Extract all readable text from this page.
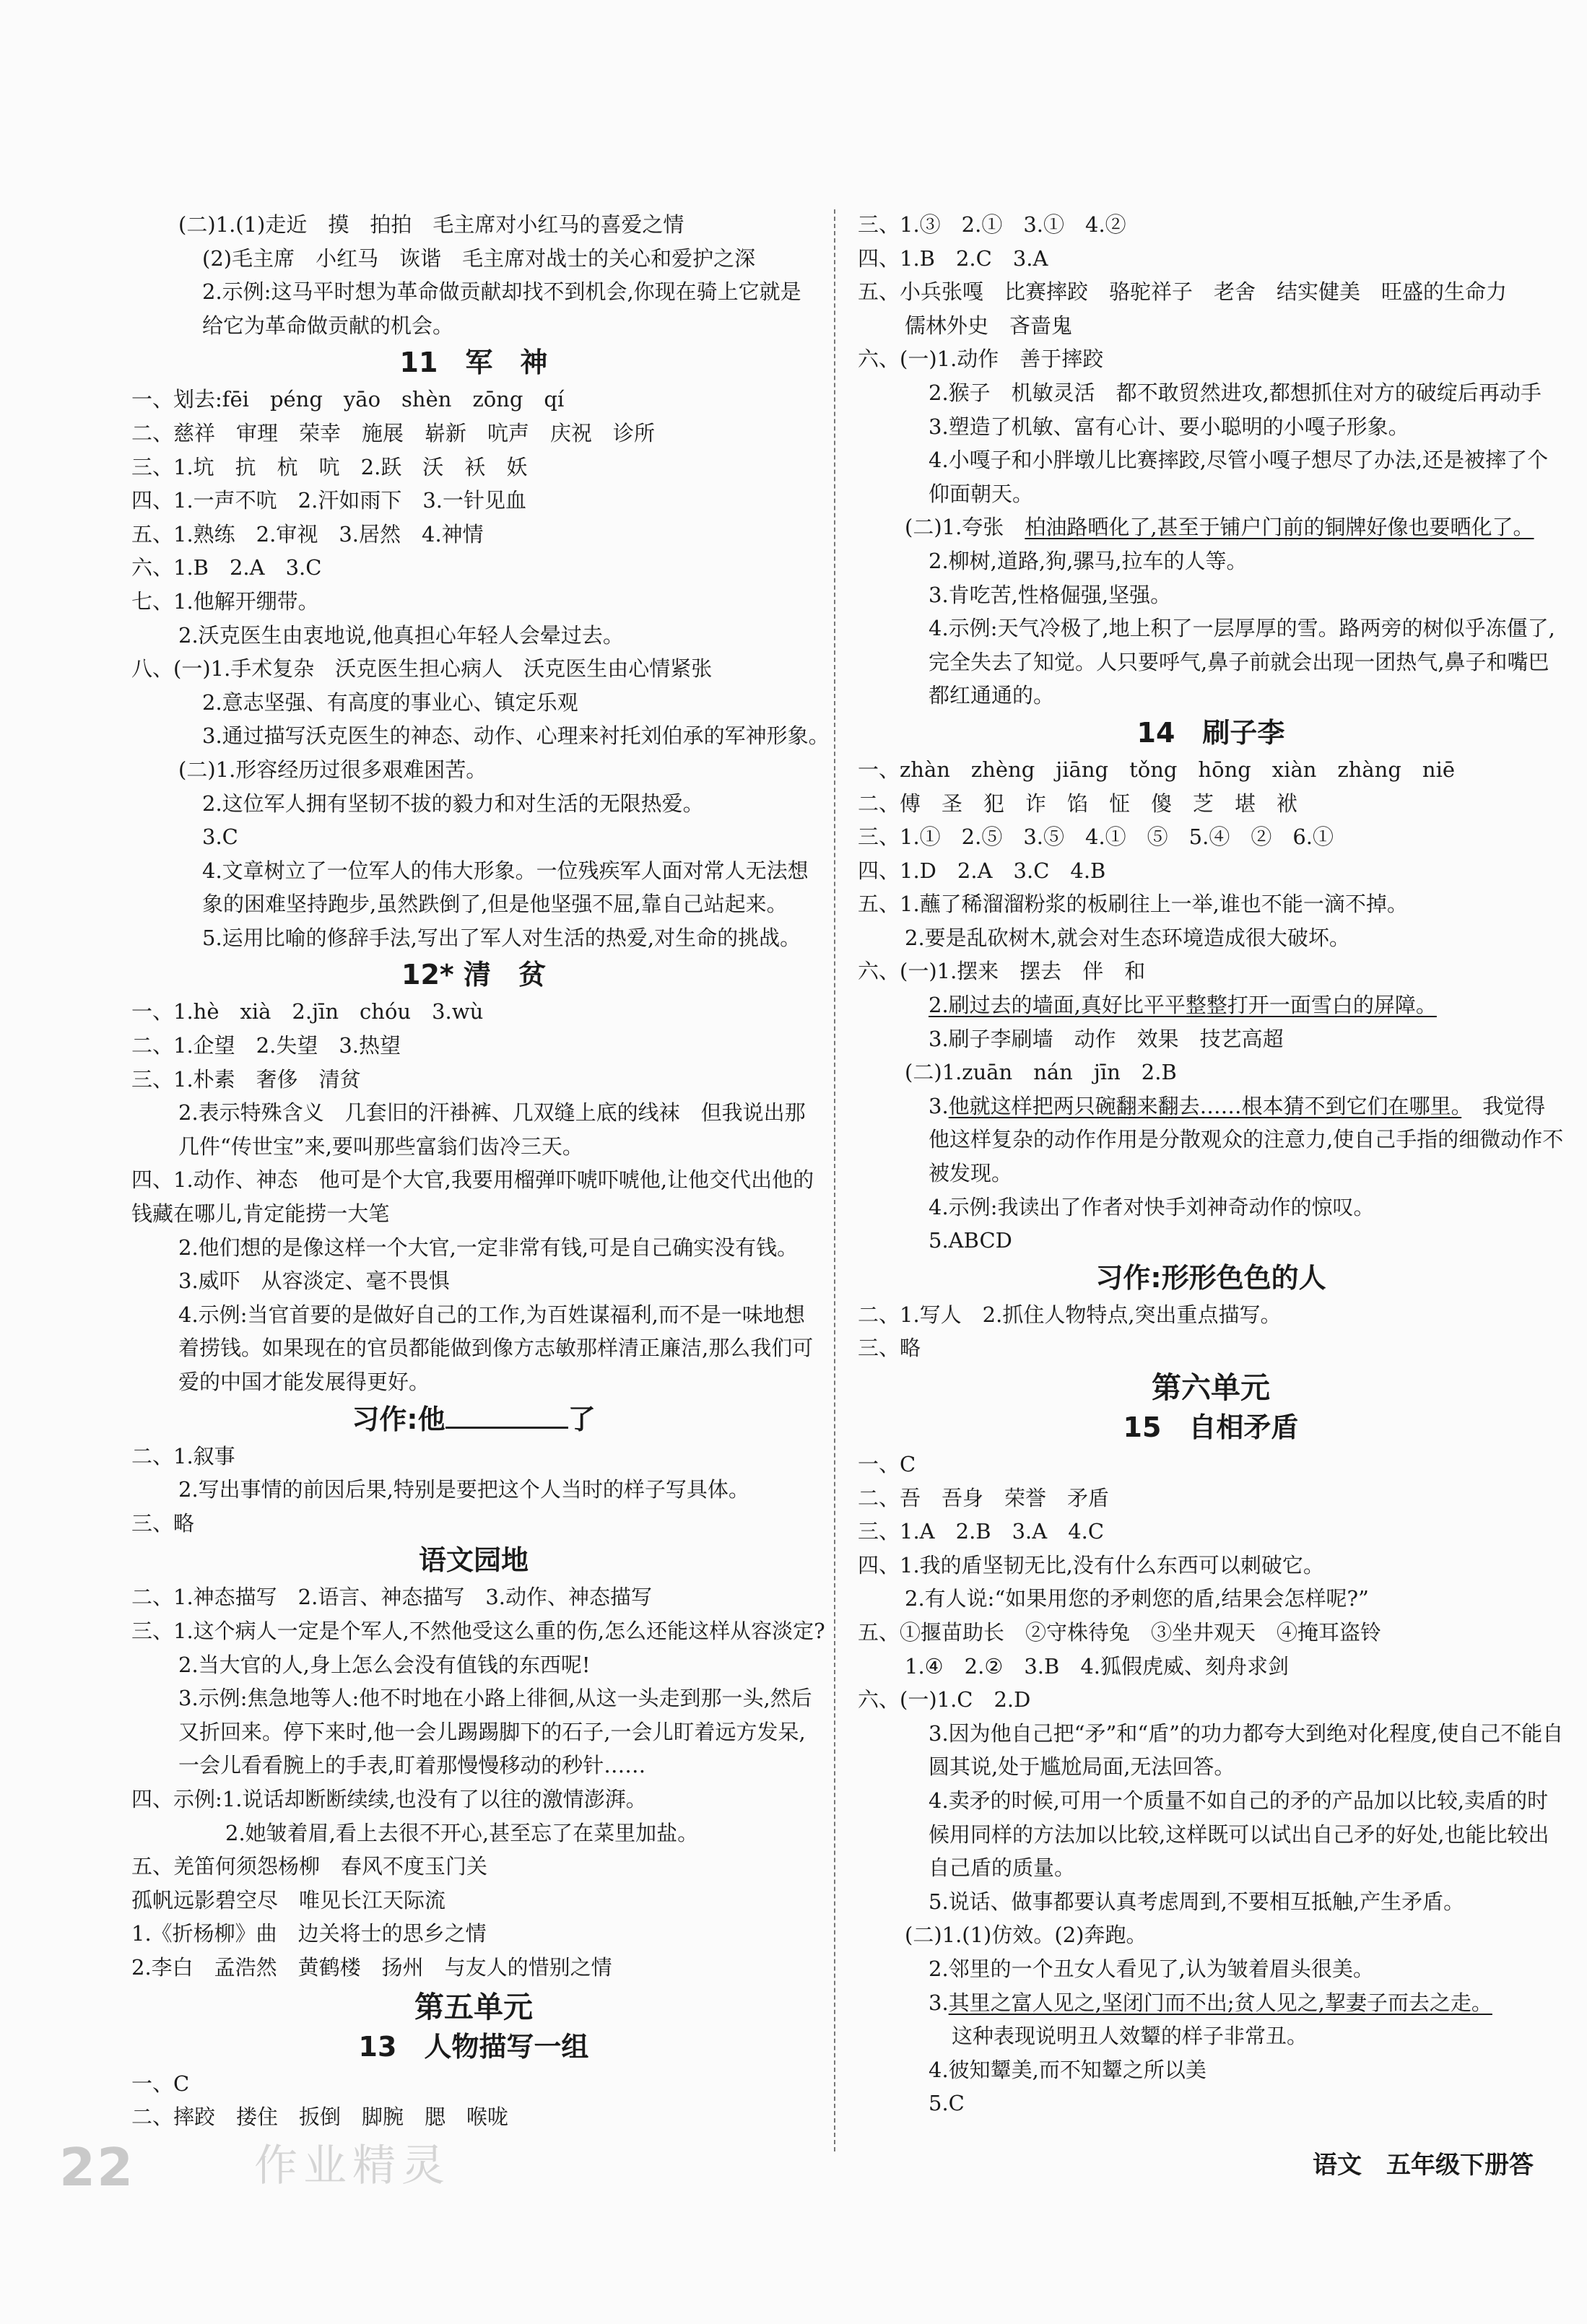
(二)1.(1)走近　摸　拍拍　毛主席对小红马的喜爱之情
(2)毛主席　小红马　诙谐　毛主席对战士的关心和爱护之深
2.示例:这马平时想为革命做贡献却找不到机会,你现在骑上它就是给它为革命做贡献的机会。
11　军　神
一、划去:fēi　péng　yāo　shèn　zōng　qí
二、慈祥　审理　荣幸　施展　崭新　吭声　庆祝　诊所
三、1.坑　抗　杭　吭　2.跃　沃　袄　妖
四、1.一声不吭　2.汗如雨下　3.一针见血
五、1.熟练　2.审视　3.居然　4.神情
六、1.B　2.A　3.C
七、1.他解开绷带。
2.沃克医生由衷地说,他真担心年轻人会晕过去。
八、(一)1.手术复杂　沃克医生担心病人　沃克医生由心情紧张
2.意志坚强、有高度的事业心、镇定乐观
3.通过描写沃克医生的神态、动作、心理来衬托刘伯承的军神形象。
(二)1.形容经历过很多艰难困苦。
2.这位军人拥有坚韧不拔的毅力和对生活的无限热爱。
3.C
4.文章树立了一位军人的伟大形象。一位残疾军人面对常人无法想象的困难坚持跑步,虽然跌倒了,但是他坚强不屈,靠自己站起来。
5.运用比喻的修辞手法,写出了军人对生活的热爱,对生命的挑战。
12* 清　贫
一、1.hè　xià　2.jīn　chóu　3.wù
二、1.企望　2.失望　3.热望
三、1.朴素　奢侈　清贫
2.表示特殊含义　几套旧的汗褂裤、几双缝上底的线袜　但我说出那几件“传世宝”来,要叫那些富翁们齿冷三天。
四、1.动作、神态　他可是个大官,我要用榴弹吓唬吓唬他,让他交代出他的钱藏在哪儿,肯定能捞一大笔
2.他们想的是像这样一个大官,一定非常有钱,可是自己确实没有钱。
3.威吓　从容淡定、毫不畏惧
4.示例:当官首要的是做好自己的工作,为百姓谋福利,而不是一味地想着捞钱。如果现在的官员都能做到像方志敏那样清正廉洁,那么我们可爱的中国才能发展得更好。
习作:他	了
二、1.叙事
2.写出事情的前因后果,特别是要把这个人当时的样子写具体。
三、略
语文园地
二、1.神态描写　2.语言、神态描写　3.动作、神态描写
三、1.这个病人一定是个军人,不然他受这么重的伤,怎么还能这样从容淡定?
2.当大官的人,身上怎么会没有值钱的东西呢!
3.示例:焦急地等人:他不时地在小路上徘徊,从这一头走到那一头,然后又折回来。停下来时,他一会儿踢踢脚下的石子,一会儿盯着远方发呆,一会儿看看腕上的手表,盯着那慢慢移动的秒针……
四、示例:1.说话却断断续续,也没有了以往的激情澎湃。
2.她皱着眉,看上去很不开心,甚至忘了在菜里加盐。
五、羌笛何须怨杨柳　春风不度玉门关
孤帆远影碧空尽　唯见长江天际流
1.《折杨柳》曲　边关将士的思乡之情
2.李白　孟浩然　黄鹤楼　扬州　与友人的惜别之情
第五单元
13　人物描写一组
一、C
二、摔跤　搂住　扳倒　脚腕　腮　喉咙
三、1.③　2.①　3.①　4.②
四、1.B　2.C　3.A
五、小兵张嘎　比赛摔跤　骆驼祥子　老舍　结实健美　旺盛的生命力
儒林外史　吝啬鬼
六、(一)1.动作　善于摔跤
2.猴子　机敏灵活　都不敢贸然进攻,都想抓住对方的破绽后再动手
3.塑造了机敏、富有心计、要小聪明的小嘎子形象。
4.小嘎子和小胖墩儿比赛摔跤,尽管小嘎子想尽了办法,还是被摔了个仰面朝天。
(二)1.夸张　柏油路晒化了,甚至于铺户门前的铜牌好像也要晒化了。
2.柳树,道路,狗,骡马,拉车的人等。
3.肯吃苦,性格倔强,坚强。
4.示例:天气冷极了,地上积了一层厚厚的雪。路两旁的树似乎冻僵了,完全失去了知觉。人只要呼气,鼻子前就会出现一团热气,鼻子和嘴巴都红通通的。
14　刷子李
一、zhàn　zhèng　jiāng　tǒng　hōng　xiàn　zhàng　niē
二、傅　圣　犯　诈　馅　怔　傻　芝　堪　袱
三、1.①　2.⑤　3.⑤　4.①　⑤　5.④　②　6.①
四、1.D　2.A　3.C　4.B
五、1.蘸了稀溜溜粉浆的板刷往上一举,谁也不能一滴不掉。
2.要是乱砍树木,就会对生态环境造成很大破坏。
六、(一)1.摆来　摆去　伴　和
2.刷过去的墙面,真好比平平整整打开一面雪白的屏障。
3.刷子李刷墙　动作　效果　技艺高超
(二)1.zuān　nán　jīn　2.B
3.他就这样把两只碗翻来翻去……根本猜不到它们在哪里。　我觉得他这样复杂的动作作用是分散观众的注意力,使自己手指的细微动作不被发现。
4.示例:我读出了作者对快手刘神奇动作的惊叹。
5.ABCD
习作:形形色色的人
二、1.写人　2.抓住人物特点,突出重点描写。
三、略
第六单元
15　自相矛盾
一、C
二、吾　吾身　荣誉　矛盾
三、1.A　2.B　3.A　4.C
四、1.我的盾坚韧无比,没有什么东西可以刺破它。
2.有人说:“如果用您的矛刺您的盾,结果会怎样呢?”
五、①揠苗助长　②守株待兔　③坐井观天　④掩耳盗铃
1.④　2.②　3.B　4.狐假虎威、刻舟求剑
六、(一)1.C　2.D
3.因为他自己把“矛”和“盾”的功力都夸大到绝对化程度,使自己不能自圆其说,处于尴尬局面,无法回答。
4.卖矛的时候,可用一个质量不如自己的矛的产品加以比较,卖盾的时候用同样的方法加以比较,这样既可以试出自己矛的好处,也能比较出自己盾的质量。
5.说话、做事都要认真考虑周到,不要相互抵触,产生矛盾。
(二)1.(1)仿效。(2)奔跑。
2.邻里的一个丑女人看见了,认为皱着眉头很美。
3.其里之富人见之,坚闭门而不出;贫人见之,挈妻子而去之走。
这种表现说明丑人效颦的样子非常丑。
4.彼知颦美,而不知颦之所以美
5.C
22	作业精灵	语文　五年级下册答
